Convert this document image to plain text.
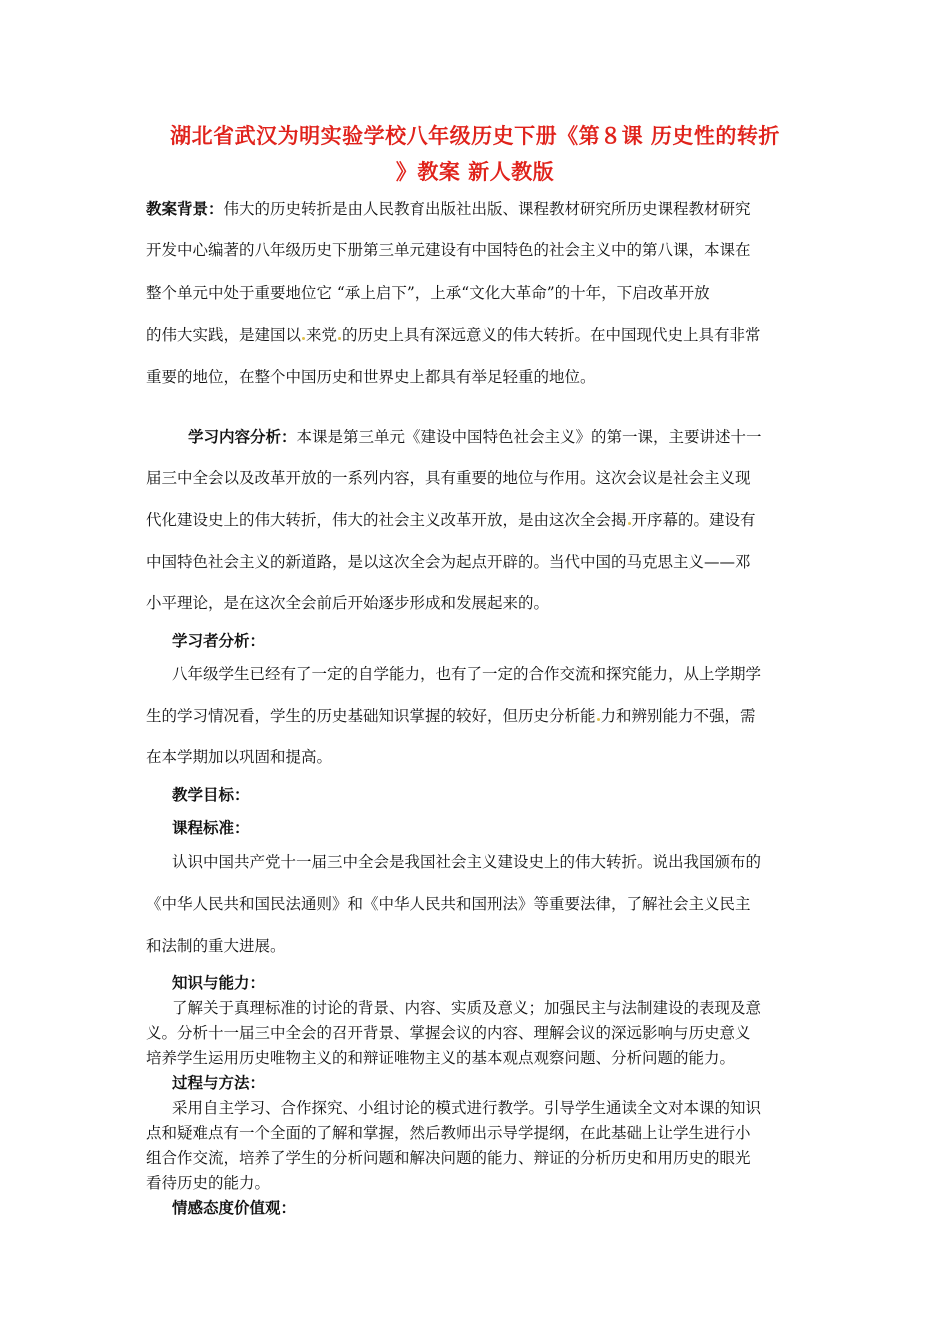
湖北省武汉为明实验学校八年级历史下册《第８课 历史性的转折
》教案 新人教版
教案背景：伟大的历史转折是由人民教育出版社出版、课程教材研究所历史课程教材研究
开发中心编著的八年级历史下册第三单元建设有中国特色的社会主义中的第八课，本课在
整个单元中处于重要地位它 “承上启下”，上承“文化大革命”的十年，下启改革开放
的伟大实践，是建国以 来党 的历史上具有深远意义的伟大转折。在中国现代史上具有非常
重要的地位，在整个中国历史和世界史上都具有举足轻重的地位。
学习内容分析：本课是第三单元《建设中国特色社会主义》的第一课，主要讲述十一
届三中全会以及改革开放的一系列内容，具有重要的地位与作用。这次会议是社会主义现
代化建设史上的伟大转折，伟大的社会主义改革开放，是由这次全会揭 开序幕的。建设有
中国特色社会主义的新道路，是以这次全会为起点开辟的。当代中国的马克思主义——邓
小平理论，是在这次全会前后开始逐步形成和发展起来的。
学习者分析：
八年级学生已经有了一定的自学能力，也有了一定的合作交流和探究能力，从上学期学
生的学习情况看，学生的历史基础知识掌握的较好，但历史分析能 力和辨别能力不强，需
在本学期加以巩固和提高。
教学目标：
课程标准：
认识中国共产党十一届三中全会是我国社会主义建设史上的伟大转折。说出我国颁布的
《中华人民共和国民法通则》和《中华人民共和国刑法》等重要法律，了解社会主义民主
和法制的重大进展。
知识与能力：
了解关于真理标准的讨论的背景、内容、实质及意义；加强民主与法制建设的表现及意
义。分析十一届三中全会的召开背景、掌握会议的内容、理解会议的深远影响与历史意义
培养学生运用历史唯物主义的和辩证唯物主义的基本观点观察问题、分析问题的能力。
过程与方法：
采用自主学习、合作探究、小组讨论的模式进行教学。引导学生通读全文对本课的知识
点和疑难点有一个全面的了解和掌握，然后教师出示导学提纲，在此基础上让学生进行小
组合作交流，培养了学生的分析问题和解决问题的能力、辩证的分析历史和用历史的眼光
看待历史的能力。
情感态度价值观：
